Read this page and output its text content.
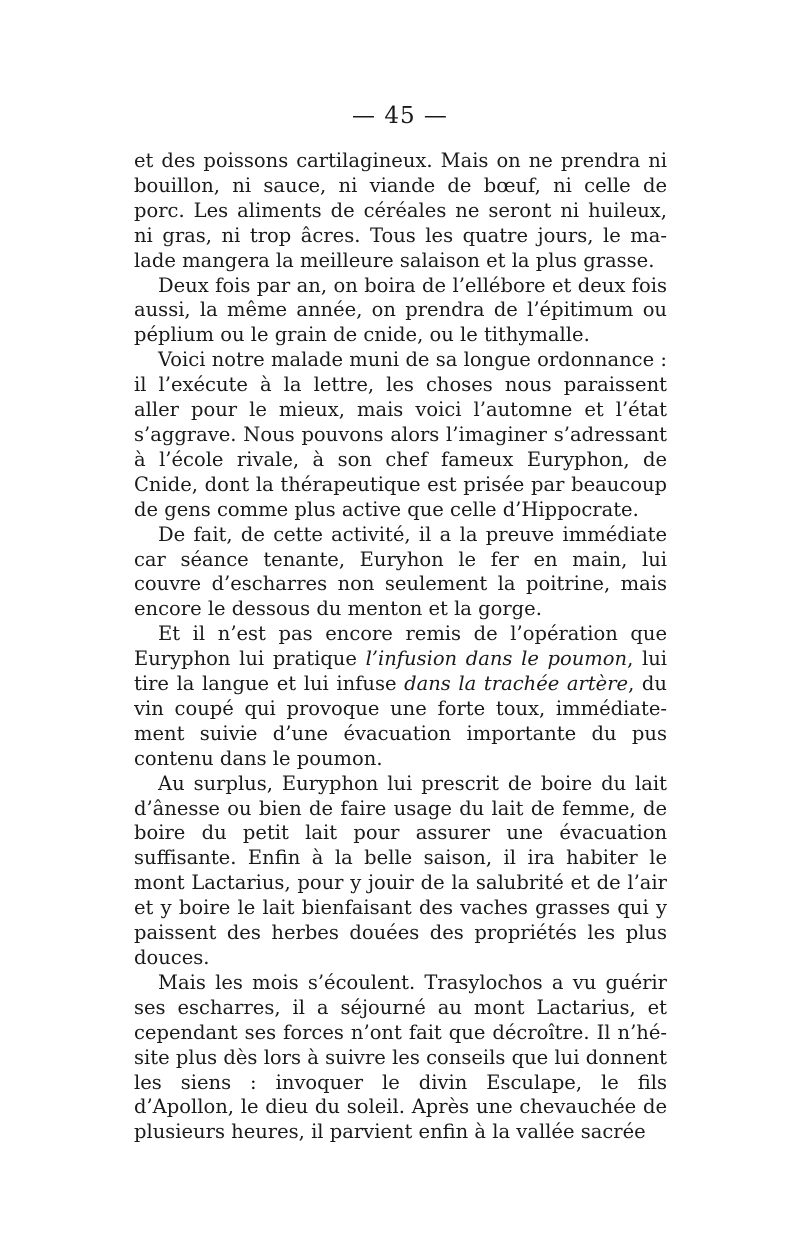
— 45 —

et des poissons cartilagineux. Mais on ne prendra ni bouillon, ni sauce, ni viande de bœuf, ni celle de porc. Les aliments de céréales ne seront ni huileux, ni gras, ni trop âcres. Tous les quatre jours, le malade mangera la meilleure salaison et la plus grasse.

Deux fois par an, on boira de l’ellébore et deux fois aussi, la même année, on prendra de l’épitimum ou péplium ou le grain de cnide, ou le tithymalle.

Voici notre malade muni de sa longue ordonnance : il l’exécute à la lettre, les choses nous paraissent aller pour le mieux, mais voici l’automne et l’état s’aggrave. Nous pouvons alors l’imaginer s’adressant à l’école rivale, à son chef fameux Euryphon, de Cnide, dont la thérapeutique est prisée par beaucoup de gens comme plus active que celle d’Hippocrate.

De fait, de cette activité, il a la preuve immédiate car séance tenante, Euryhon le fer en main, lui couvre d’escharres non seulement la poitrine, mais encore le dessous du menton et la gorge.

Et il n’est pas encore remis de l’opération que Euryphon lui pratique l’infusion dans le poumon, lui tire la langue et lui infuse dans la trachée artère, du vin coupé qui provoque une forte toux, immédiatement suivie d’une évacuation importante du pus contenu dans le poumon.

Au surplus, Euryphon lui prescrit de boire du lait d’ânesse ou bien de faire usage du lait de femme, de boire du petit lait pour assurer une évacuation suffisante. Enfin à la belle saison, il ira habiter le mont Lactarius, pour y jouir de la salubrité et de l’air et y boire le lait bienfaisant des vaches grasses qui y paissent des herbes douées des propriétés les plus douces.

Mais les mois s’écoulent. Trasylochos a vu guérir ses escharres, il a séjourné au mont Lactarius, et cependant ses forces n’ont fait que décroître. Il n’hésite plus dès lors à suivre les conseils que lui donnent les siens : invoquer le divin Esculape, le fils d’Apollon, le dieu du soleil. Après une chevauchée de plusieurs heures, il parvient enfin à la vallée sacrée
